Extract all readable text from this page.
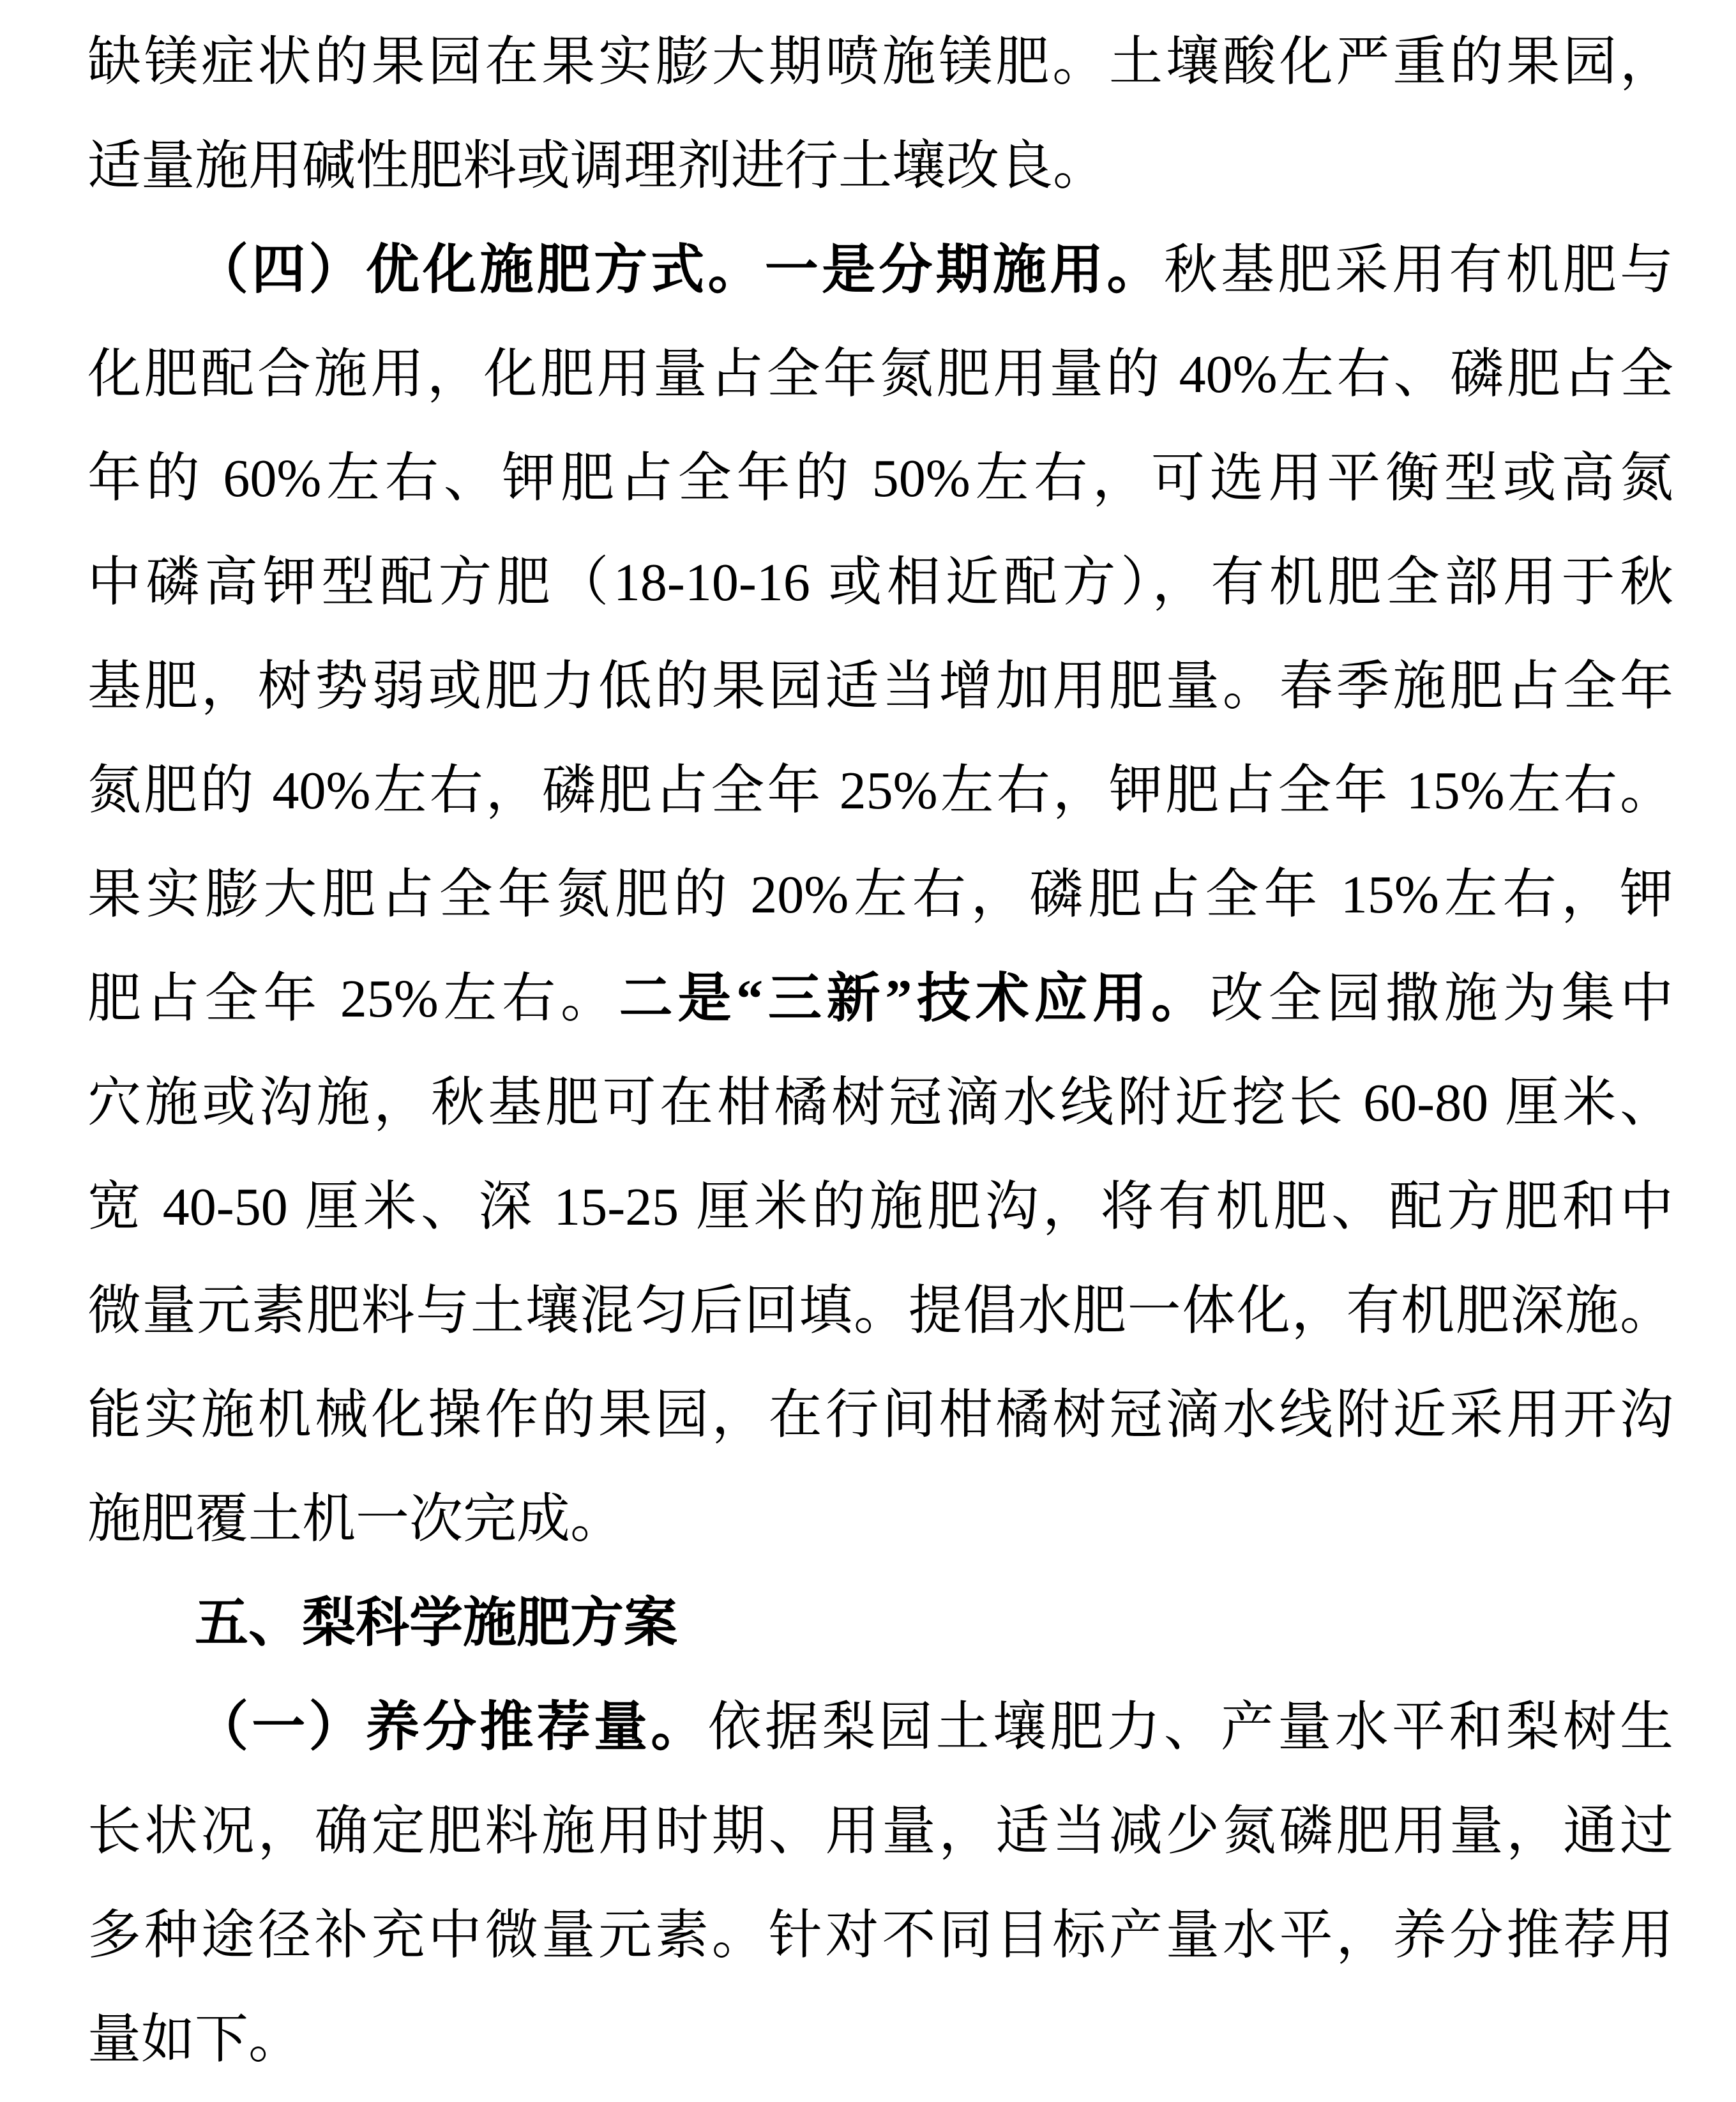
缺镁症状的果园在果实膨大期喷施镁肥。土壤酸化严重的果园，
适量施用碱性肥料或调理剂进行土壤改良。
（四）优化施肥方式。一是分期施用。秋基肥采用有机肥与
化肥配合施用，化肥用量占全年氮肥用量的 40%左右、磷肥占全
年的 60%左右、钾肥占全年的 50%左右，可选用平衡型或高氮
中磷高钾型配方肥（18-10-16 或相近配方），有机肥全部用于秋
基肥，树势弱或肥力低的果园适当增加用肥量。春季施肥占全年
氮肥的 40%左右，磷肥占全年 25%左右，钾肥占全年 15%左右。
果实膨大肥占全年氮肥的 20%左右，磷肥占全年 15%左右，钾
肥占全年 25%左右。二是“三新”技术应用。改全园撒施为集中
穴施或沟施，秋基肥可在柑橘树冠滴水线附近挖长 60-80 厘米、
宽 40-50 厘米、深 15-25 厘米的施肥沟，将有机肥、配方肥和中
微量元素肥料与土壤混匀后回填。提倡水肥一体化，有机肥深施。
能实施机械化操作的果园，在行间柑橘树冠滴水线附近采用开沟
施肥覆土机一次完成。
五、梨科学施肥方案
（一）养分推荐量。依据梨园土壤肥力、产量水平和梨树生
长状况，确定肥料施用时期、用量，适当减少氮磷肥用量，通过
多种途径补充中微量元素。针对不同目标产量水平，养分推荐用
量如下。
